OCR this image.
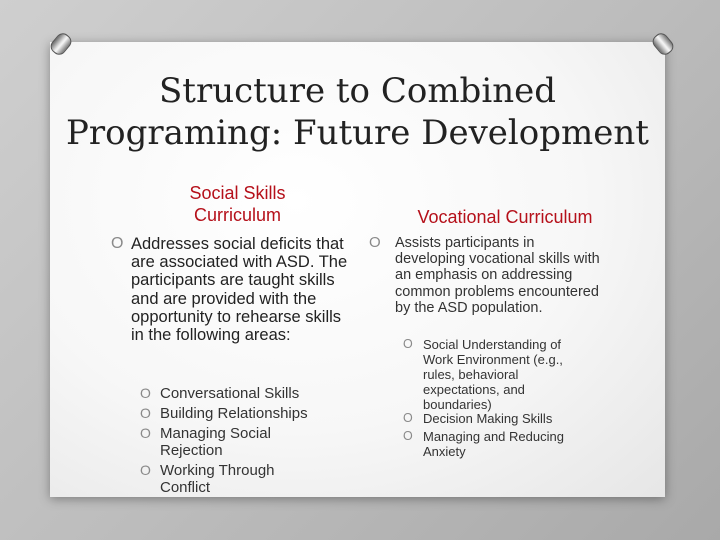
Structure to Combined Programing: Future Development
Social Skills Curriculum	Vocational Curriculum
O Addresses social deficits that are associated with ASD. The participants are taught skills and are provided with the opportunity to rehearse skills in the following areas:
O Conversational Skills
O Building Relationships
O Managing Social Rejection
O Working Through Conflict
O Assists participants in developing vocational skills with an emphasis on addressing common problems encountered by the ASD population.
O Social Understanding of Work Environment (e.g., rules, behavioral expectations, and boundaries)
O Decision Making Skills
O Managing and Reducing Anxiety
